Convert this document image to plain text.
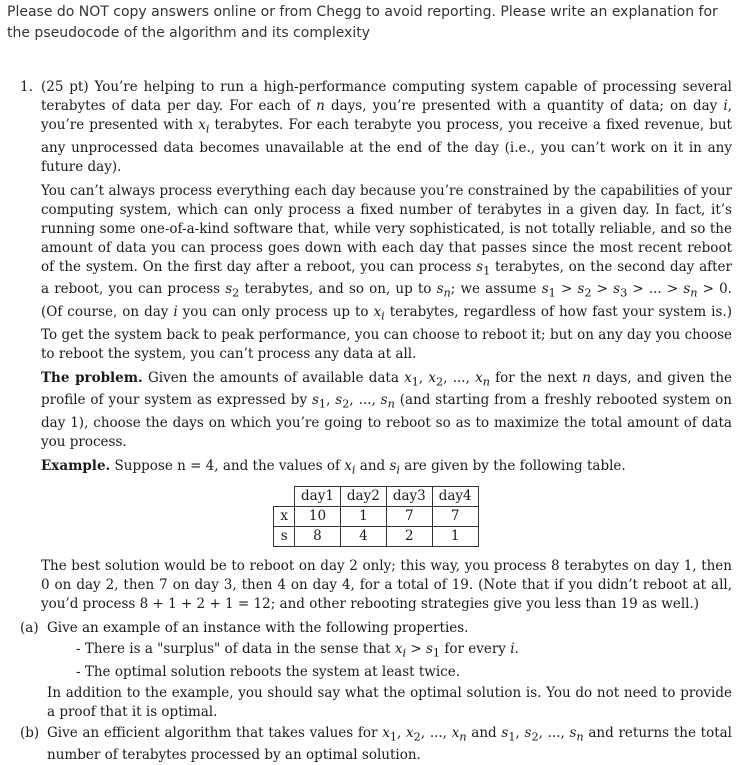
Please do NOT copy answers online or from Chegg to avoid reporting. Please write an explanation for the pseudocode of the algorithm and its complexity
1. (25 pt) You’re helping to run a high-performance computing system capable of processing several terabytes of data per day. For each of n days, you’re presented with a quantity of data; on day i, you’re presented with $x_i$ terabytes. For each terabyte you process, you receive a fixed revenue, but any unprocessed data becomes unavailable at the end of the day (i.e., you can’t work on it in any future day).

You can’t always process everything each day because you’re constrained by the capabilities of your computing system, which can only process a fixed number of terabytes in a given day. In fact, it’s running some one-of-a-kind software that, while very sophisticated, is not totally reliable, and so the amount of data you can process goes down with each day that passes since the most recent reboot of the system. On the first day after a reboot, you can process $s_1$ terabytes, on the second day after a reboot, you can process $s_2$ terabytes, and so on, up to $s_n$; we assume $s_1 > s_2 > s_3$ > ... > $s_n > 0$. (Of course, on day i you can only process up to $x_i$ terabytes, regardless of how fast your system is.) To get the system back to peak performance, you can choose to reboot it; but on any day you choose to reboot the system, you can’t process any data at all.

The problem. Given the amounts of available data $x_1$, $x_2$, ..., $x_n$ for the next n days, and given the profile of your system as expressed by $s_1$, $s_2$, ..., $s_n$ (and starting from a freshly rebooted system on day 1), choose the days on which you’re going to reboot so as to maximize the total amount of data you process.

Example. Suppose n = 4, and the values of $x_i$ and $s_i$ are given by the following table.

	day1	day2	day3	day4
x	10	1	7	7
s	8	4	2	1

The best solution would be to reboot on day 2 only; this way, you process 8 terabytes on day 1, then 0 on day 2, then 7 on day 3, then 4 on day 4, for a total of 19. (Note that if you didn’t reboot at all, you’d process 8 + 1 + 2 + 1 = 12; and other rebooting strategies give you less than 19 as well.)

(a) Give an example of an instance with the following properties.
- There is a "surplus" of data in the sense that $x_i > s_1$ for every i.
- The optimal solution reboots the system at least twice.
In addition to the example, you should say what the optimal solution is. You do not need to provide a proof that it is optimal.
(b) Give an efficient algorithm that takes values for $x_1$, $x_2$, ..., $x_n$ and $s_1$, $s_2$, ..., $s_n$ and returns the total number of terabytes processed by an optimal solution.
